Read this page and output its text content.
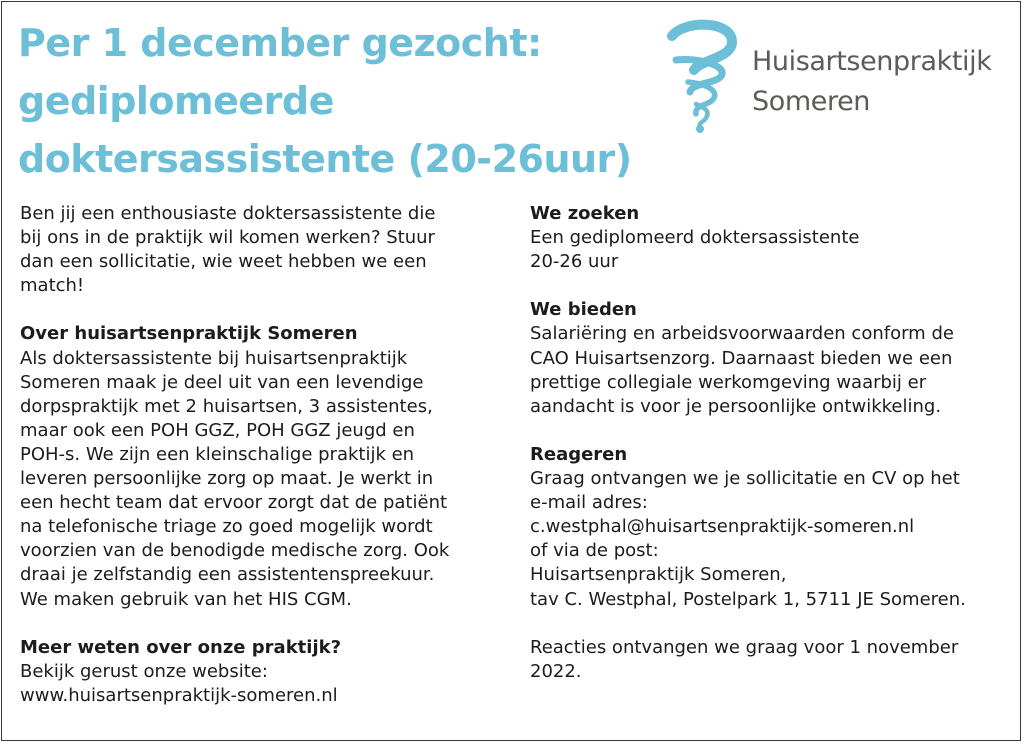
Per 1 december gezocht:
gediplomeerde
doktersassistente (20-26uur)
Huisartsenpraktijk
Someren

Ben jij een enthousiaste doktersassistente die
bij ons in de praktijk wil komen werken? Stuur
dan een sollicitatie, wie weet hebben we een
match!

Over huisartsenpraktijk Someren
Als doktersassistente bij huisartsenpraktijk
Someren maak je deel uit van een levendige
dorpspraktijk met 2 huisartsen, 3 assistentes,
maar ook een POH GGZ, POH GGZ jeugd en
POH-s. We zijn een kleinschalige praktijk en
leveren persoonlijke zorg op maat. Je werkt in
een hecht team dat ervoor zorgt dat de patiënt
na telefonische triage zo goed mogelijk wordt
voorzien van de benodigde medische zorg. Ook
draai je zelfstandig een assistentenspreekuur.
We maken gebruik van het HIS CGM.

Meer weten over onze praktijk?
Bekijk gerust onze website:
www.huisartsenpraktijk-someren.nl

We zoeken
Een gediplomeerd doktersassistente
20-26 uur

We bieden
Salariëring en arbeidsvoorwaarden conform de
CAO Huisartsenzorg. Daarnaast bieden we een
prettige collegiale werkomgeving waarbij er
aandacht is voor je persoonlijke ontwikkeling.

Reageren
Graag ontvangen we je sollicitatie en CV op het
e-mail adres:
c.westphal@huisartsenpraktijk-someren.nl
of via de post:
Huisartsenpraktijk Someren,
tav C. Westphal, Postelpark 1, 5711 JE Someren.

Reacties ontvangen we graag voor 1 november
2022.
